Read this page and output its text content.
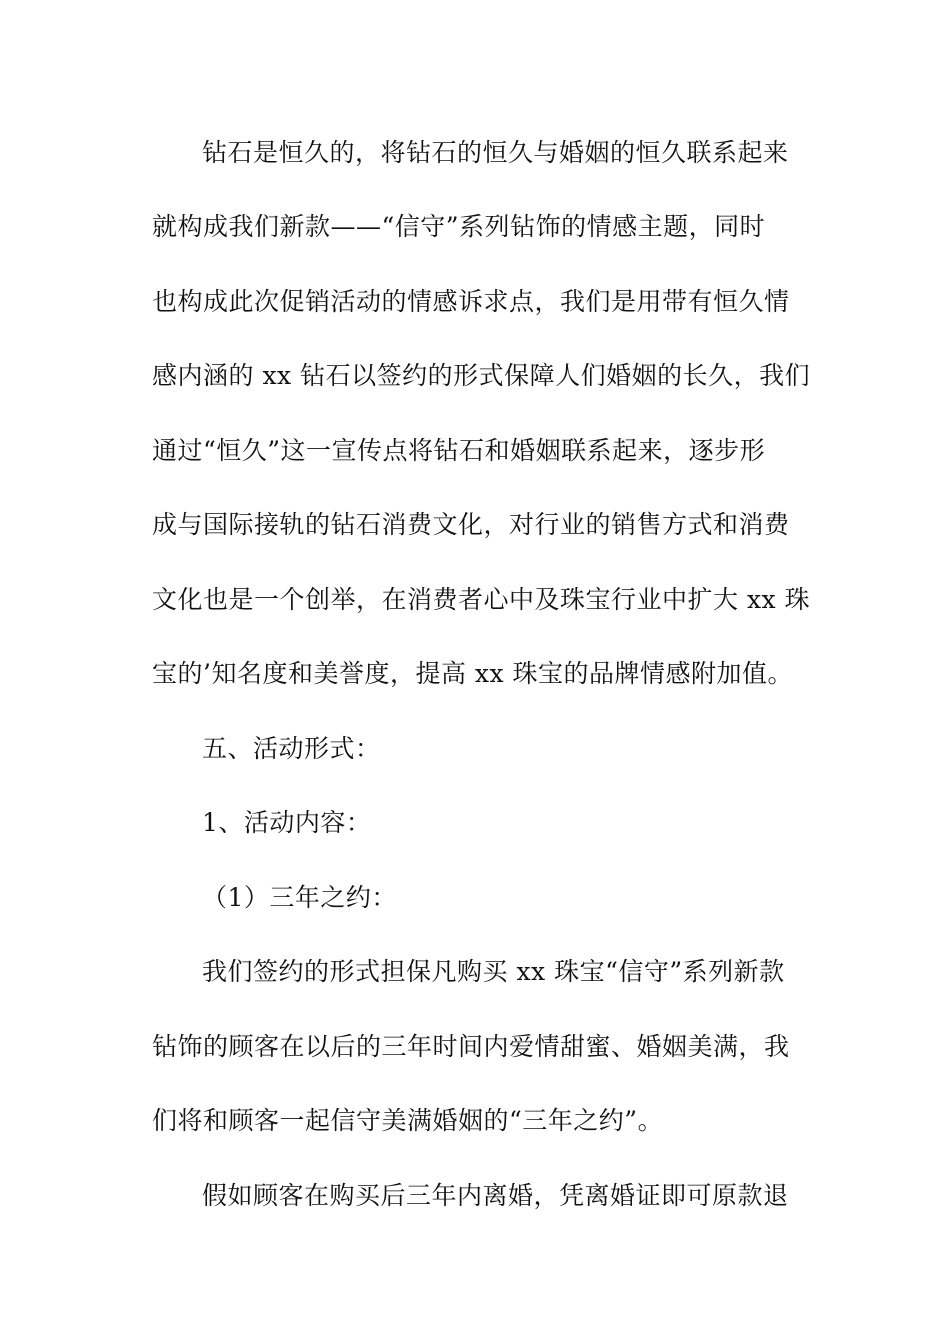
钻石是恒久的，将钻石的恒久与婚姻的恒久联系起来
就构成我们新款——“信守”系列钻饰的情感主题，同时
也构成此次促销活动的情感诉求点，我们是用带有恒久情
感内涵的 xx 钻石以签约的形式保障人们婚姻的长久，我们
通过“恒久”这一宣传点将钻石和婚姻联系起来，逐步形
成与国际接轨的钻石消费文化，对行业的销售方式和消费
文化也是一个创举，在消费者心中及珠宝行业中扩大 xx 珠
宝的’知名度和美誉度，提高 xx 珠宝的品牌情感附加值。
五、活动形式：
1、活动内容：
（1）三年之约：
我们签约的形式担保凡购买 xx 珠宝“信守”系列新款
钻饰的顾客在以后的三年时间内爱情甜蜜、婚姻美满，我
们将和顾客一起信守美满婚姻的“三年之约”。
假如顾客在购买后三年内离婚，凭离婚证即可原款退
